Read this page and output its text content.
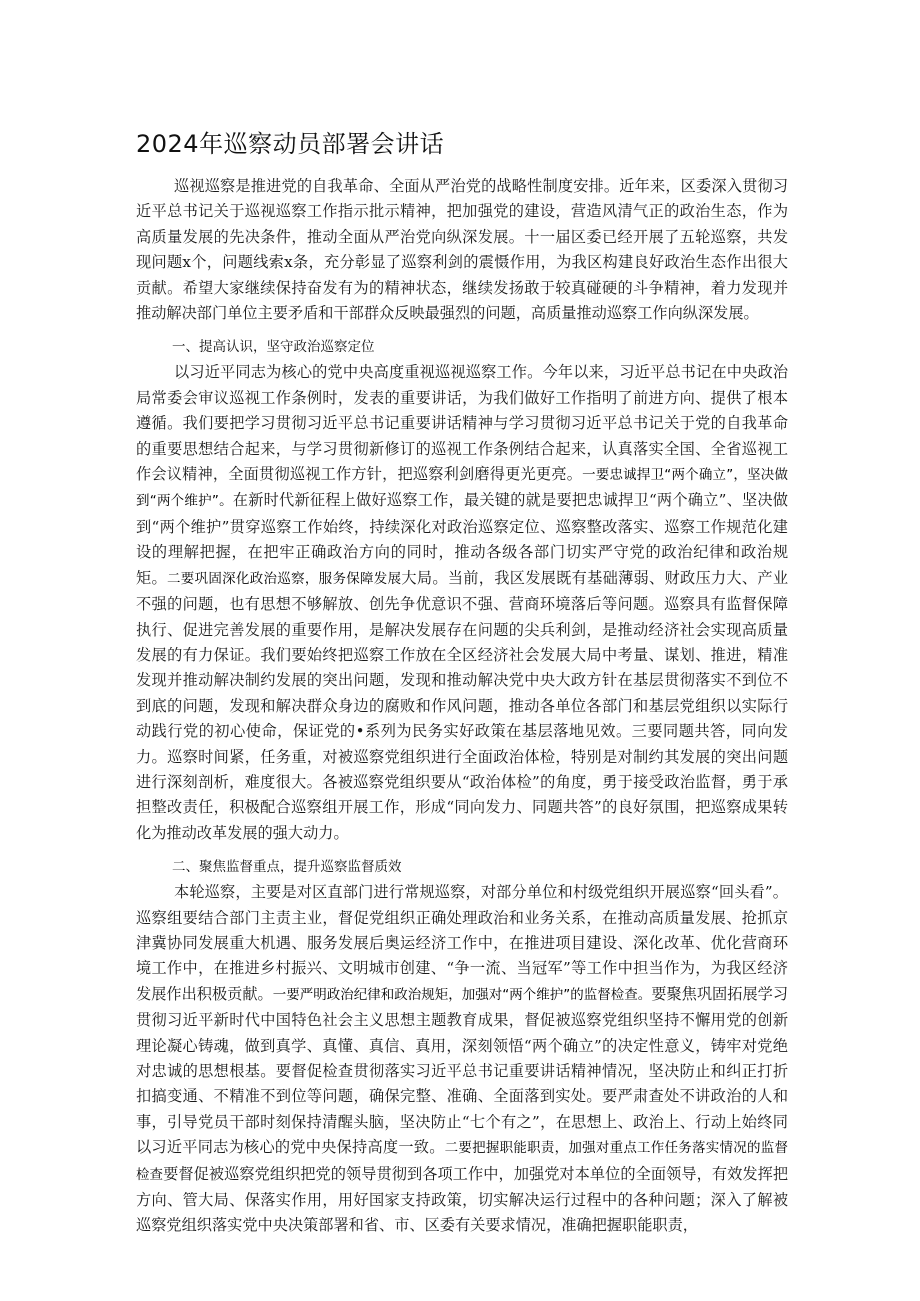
2024年巡察动员部署会讲话

巡视巡察是推进党的自我革命、全面从严治党的战略性制度安排。近年来，区委深入贯彻习近平总书记关于巡视巡察工作指示批示精神，把加强党的建设，营造风清气正的政治生态，作为高质量发展的先决条件，推动全面从严治党向纵深发展。十一届区委已经开展了五轮巡察，共发现问题x个，问题线索x条，充分彰显了巡察利剑的震慑作用，为我区构建良好政治生态作出很大贡献。希望大家继续保持奋发有为的精神状态，继续发扬敢于较真碰硬的斗争精神，着力发现并推动解决部门单位主要矛盾和干部群众反映最强烈的问题，高质量推动巡察工作向纵深发展。

一、提高认识，坚守政治巡察定位

以习近平同志为核心的党中央高度重视巡视巡察工作。今年以来，习近平总书记在中央政治局常委会审议巡视工作条例时，发表的重要讲话，为我们做好工作指明了前进方向、提供了根本遵循。我们要把学习贯彻习近平总书记重要讲话精神与学习贯彻习近平总书记关于党的自我革命的重要思想结合起来，与学习贯彻新修订的巡视工作条例结合起来，认真落实全国、全省巡视工作会议精神，全面贯彻巡视工作方针，把巡察利剑磨得更光更亮。一要忠诚捍卫“两个确立”，坚决做到“两个维护”。在新时代新征程上做好巡察工作，最关键的就是要把忠诚捍卫“两个确立”、坚决做到“两个维护”贯穿巡察工作始终，持续深化对政治巡察定位、巡察整改落实、巡察工作规范化建设的理解把握，在把牢正确政治方向的同时，推动各级各部门切实严守党的政治纪律和政治规矩。二要巩固深化政治巡察，服务保障发展大局。当前，我区发展既有基础薄弱、财政压力大、产业不强的问题，也有思想不够解放、创先争优意识不强、营商环境落后等问题。巡察具有监督保障执行、促进完善发展的重要作用，是解决发展存在问题的尖兵利剑，是推动经济社会实现高质量发展的有力保证。我们要始终把巡察工作放在全区经济社会发展大局中考量、谋划、推进，精准发现并推动解决制约发展的突出问题，发现和推动解决党中央大政方针在基层贯彻落实不到位不到底的问题，发现和解决群众身边的腐败和作风问题，推动各单位各部门和基层党组织以实际行动践行党的初心使命，保证党的•系列为民务实好政策在基层落地见效。三要同题共答，同向发力。巡察时间紧，任务重，对被巡察党组织进行全面政治体检，特别是对制约其发展的突出问题进行深刻剖析，难度很大。各被巡察党组织要从“政治体检”的角度，勇于接受政治监督，勇于承担整改责任，积极配合巡察组开展工作，形成“同向发力、同题共答”的良好氛围，把巡察成果转化为推动改革发展的强大动力。

二、聚焦监督重点，提升巡察监督质效

本轮巡察，主要是对区直部门进行常规巡察，对部分单位和村级党组织开展巡察“回头看”。巡察组要结合部门主责主业，督促党组织正确处理政治和业务关系，在推动高质量发展、抢抓京津冀协同发展重大机遇、服务发展后奥运经济工作中，在推进项目建设、深化改革、优化营商环境工作中，在推进乡村振兴、文明城市创建、“争一流、当冠军”等工作中担当作为，为我区经济发展作出积极贡献。一要严明政治纪律和政治规矩，加强对“两个维护”的监督检查。要聚焦巩固拓展学习贯彻习近平新时代中国特色社会主义思想主题教育成果，督促被巡察党组织坚持不懈用党的创新理论凝心铸魂，做到真学、真懂、真信、真用，深刻领悟“两个确立”的决定性意义，铸牢对党绝对忠诚的思想根基。要督促检查贯彻落实习近平总书记重要讲话精神情况，坚决防止和纠正打折扣搞变通、不精准不到位等问题，确保完整、准确、全面落到实处。要严肃查处不讲政治的人和事，引导党员干部时刻保持清醒头脑，坚决防止“七个有之”，在思想上、政治上、行动上始终同以习近平同志为核心的党中央保持高度一致。二要把握职能职责，加强对重点工作任务落实情况的监督检查要督促被巡察党组织把党的领导贯彻到各项工作中，加强党对本单位的全面领导，有效发挥把方向、管大局、保落实作用，用好国家支持政策，切实解决运行过程中的各种问题；深入了解被巡察党组织落实党中央决策部署和省、市、区委有关要求情况，准确把握职能职责，
